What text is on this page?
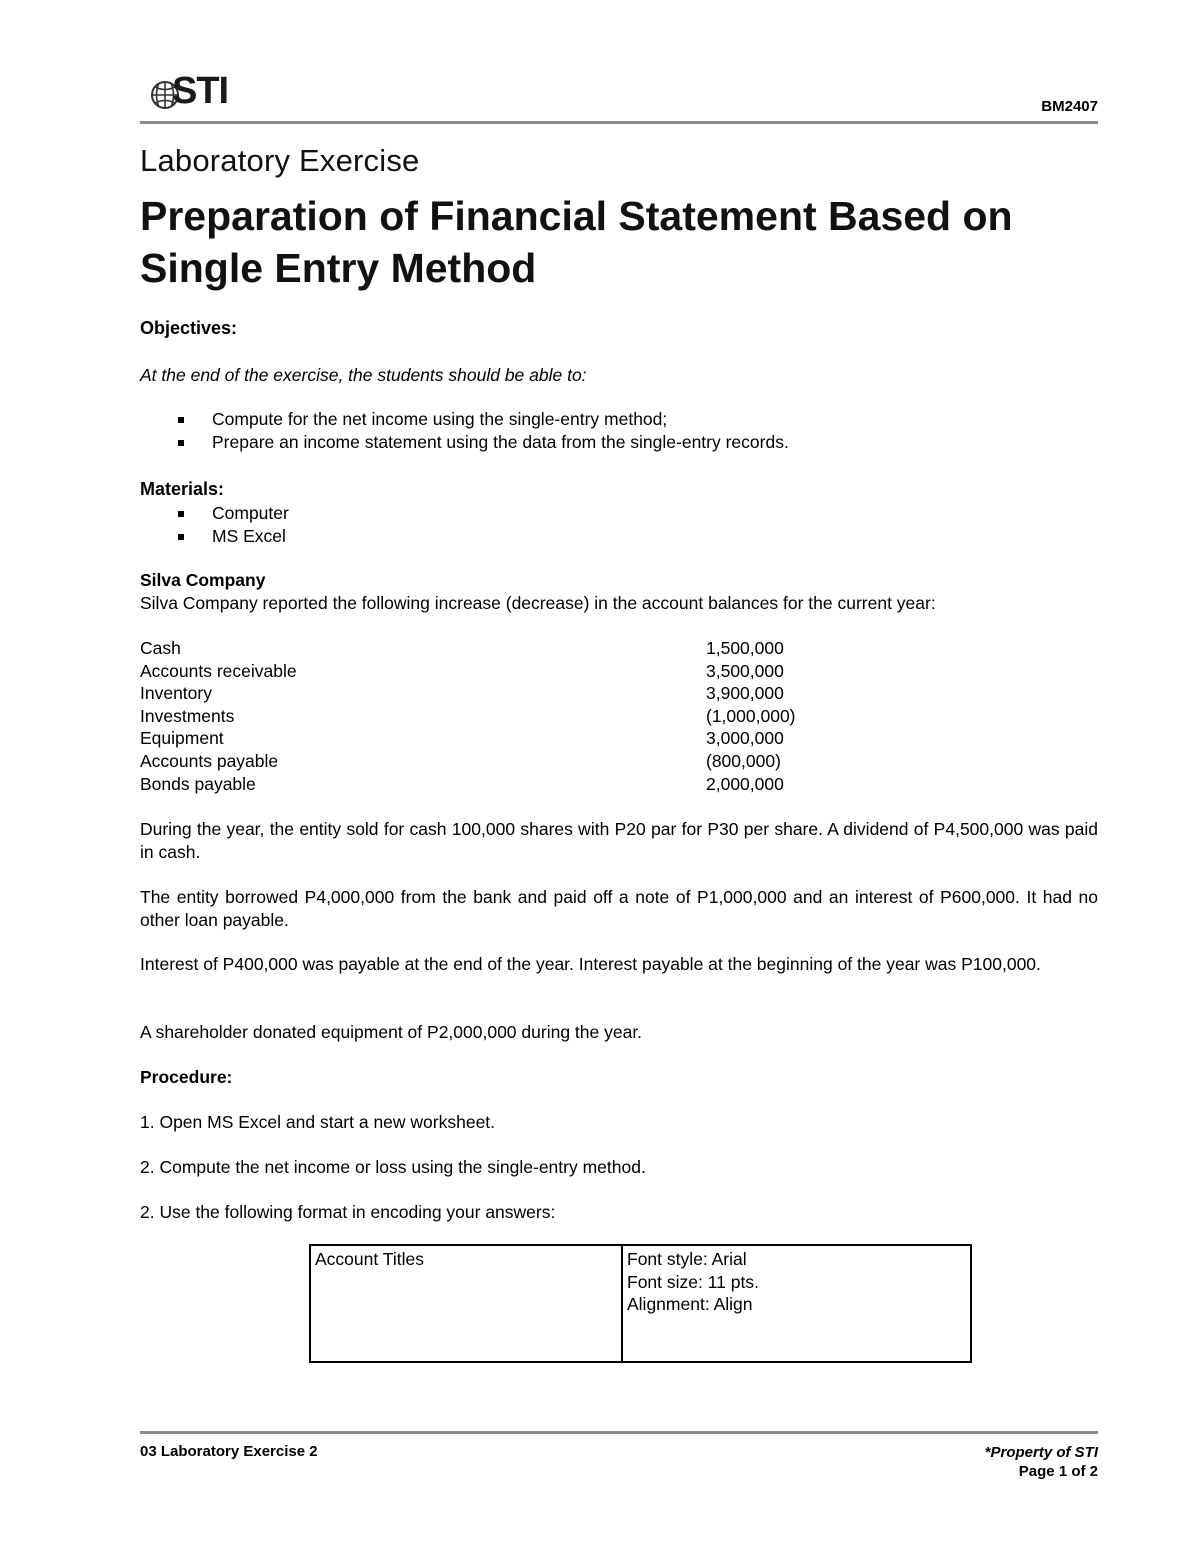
STI	BM2407
Laboratory Exercise
Preparation of Financial Statement Based on Single Entry Method
Objectives:
At the end of the exercise, the students should be able to:
Compute for the net income using the single-entry method;
Prepare an income statement using the data from the single-entry records.
Materials:
Computer
MS Excel
Silva Company
Silva Company reported the following increase (decrease) in the account balances for the current year:
Cash	1,500,000
Accounts receivable	3,500,000
Inventory	3,900,000
Investments	(1,000,000)
Equipment	3,000,000
Accounts payable	(800,000)
Bonds payable	2,000,000
During the year, the entity sold for cash 100,000 shares with P20 par for P30 per share. A dividend of P4,500,000 was paid in cash.
The entity borrowed P4,000,000 from the bank and paid off a note of P1,000,000 and an interest of P600,000. It had no other loan payable.
Interest of P400,000 was payable at the end of the year. Interest payable at the beginning of the year was P100,000.
A shareholder donated equipment of P2,000,000 during the year.
Procedure:
1. Open MS Excel and start a new worksheet.
2. Compute the net income or loss using the single-entry method.
2. Use the following format in encoding your answers:
Account Titles	Font style: Arial
Font size: 11 pts.
Alignment: Align
03 Laboratory Exercise 2	*Property of STI
Page 1 of 2
